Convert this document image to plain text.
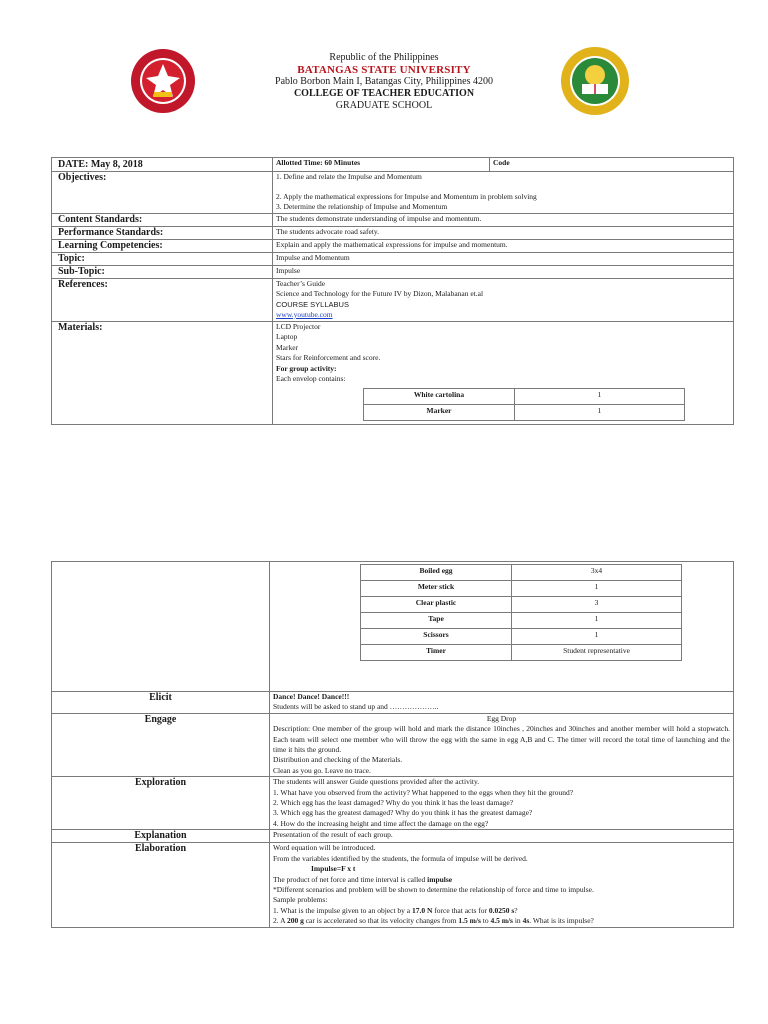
Republic of the Philippines
BATANGAS STATE UNIVERSITY
Pablo Borbon Main I, Batangas City, Philippines 4200
COLLEGE OF TEACHER EDUCATION
GRADUATE SCHOOL
DATE: May 8, 2018	Allotted Time: 60 Minutes	Code
Objectives:	1. Define and relate the Impulse and Momentum
2. Apply the mathematical expressions for Impulse and Momentum in problem solving
3. Determine the relationship of Impulse and Momentum

Content Standards:	The students demonstrate understanding of impulse and momentum.
Performance Standards:	The students advocate road safety.
Learning Competencies:	Explain and apply the mathematical expressions for impulse and momentum.
Topic:	Impulse and Momentum
Sub-Topic:	Impulse
References:	Teacher’s Guide
Science and Technology for the Future IV by Dizon, Malabanan et.al
COURSE SYLLABUS
www.youtube.com

Materials:	LCD Projector
Laptop
Marker
Stars for Reinforcement and score.
For group activity:
Each envelop contains:
White cartolina	1
Marker	1

Boiled egg	3x4
Meter stick	1
Clear plastic	3
Tape	1
Scissors	1
Timer	Student representative

Elicit	Dance! Dance! Dance!!!
Students will be asked to stand up and ………………..

Engage	Egg Drop
Description: One member of the group will hold and mark the distance 10inches , 20inches and 30inches and another member will hold a stopwatch. Each team will select one member who will throw the egg with the same in egg A,B and C. The timer will record the total time of launching and the time it hits the ground.
Distribution and checking of the Materials.
Clean as you go. Leave no trace.

Exploration	The students will answer Guide questions provided after the activity.
1. What have you observed from the activity? What happened to the eggs when they hit the ground?
2. Which egg has the least damaged? Why do you think it has the least damage?
3. Which egg has the greatest damaged? Why do you think it has the greatest damage?
4. How do the increasing height and time affect the damage on the egg?

Explanation	Presentation of the result of each group.
Elaboration	Word equation will be introduced.
From the variables identified by the students, the formula of impulse will be derived.
Impulse=F x t
The product of net force and time interval is called impulse
*Different scenarios and problem will be shown to determine the relationship of force and time to impulse.
Sample problems:
1. What is the impulse given to an object by a 17.0 N force that acts for 0.0250 s?
2. A 200 g car is accelerated so that its velocity changes from 1.5 m/s to 4.5 m/s in 4s. What is its impulse?
